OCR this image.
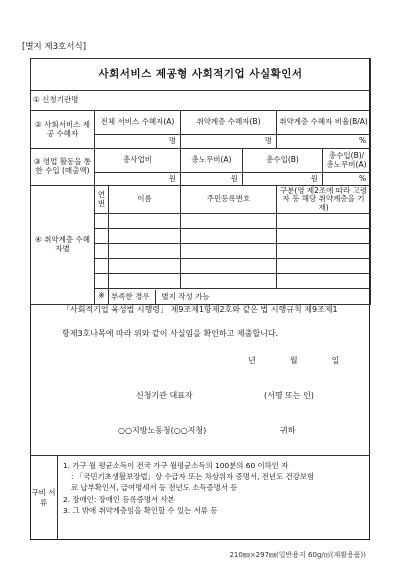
[별지 제3호서식]
사회서비스 제공형 사회적기업 사실확인서						
① 신청기관명						
② 사회서비스 제공 수혜자	전체 서비스 수혜자(A)		취약계층 수혜자(B)		취약계층 수혜자 비율(B/A)	
	명		명		%	
③ 영업 활동을 통한 수입 (매출액)	총사업비		총노무비(A)	총수입(B)		총수입(B)/ 총노무비(A)
	원		원	원		%
④ 취약계층 수혜자별	연번	이름	주민등록번호		구분(영 제2조에 따라 고령자 등 해당 취약계층을 기재)	

	※	부족한 경우 별지 작성 가능				
「사회적기업 육성법 시행령」 제9조제1항제2호와 같은 법 시행규칙 제9조제1
항제3호나목에 따라 위와 같이 사실임을 확인하고 제출합니다.
년	월	일
신청기관 대표자	(서명 또는 인)
○○지방노동청(○○지청)	귀하
구비 서류
1. 가구 월 평균소득이 전국 가구 월평균소득의 100분의 60 이하인 자
: 「국민기초생활보장법」상 수급자 또는 차상위자 증명서, 전년도 건강보험
료 납부확인서, 급여명세서 등 전년도 소득증명서 등
2. 장애인: 장애인 등록증명서 사본
3. 그 밖에 취약계층임을 확인할 수 있는 서류 등
210㎜×297㎜(일반용지 60g/㎡(재활용품))
